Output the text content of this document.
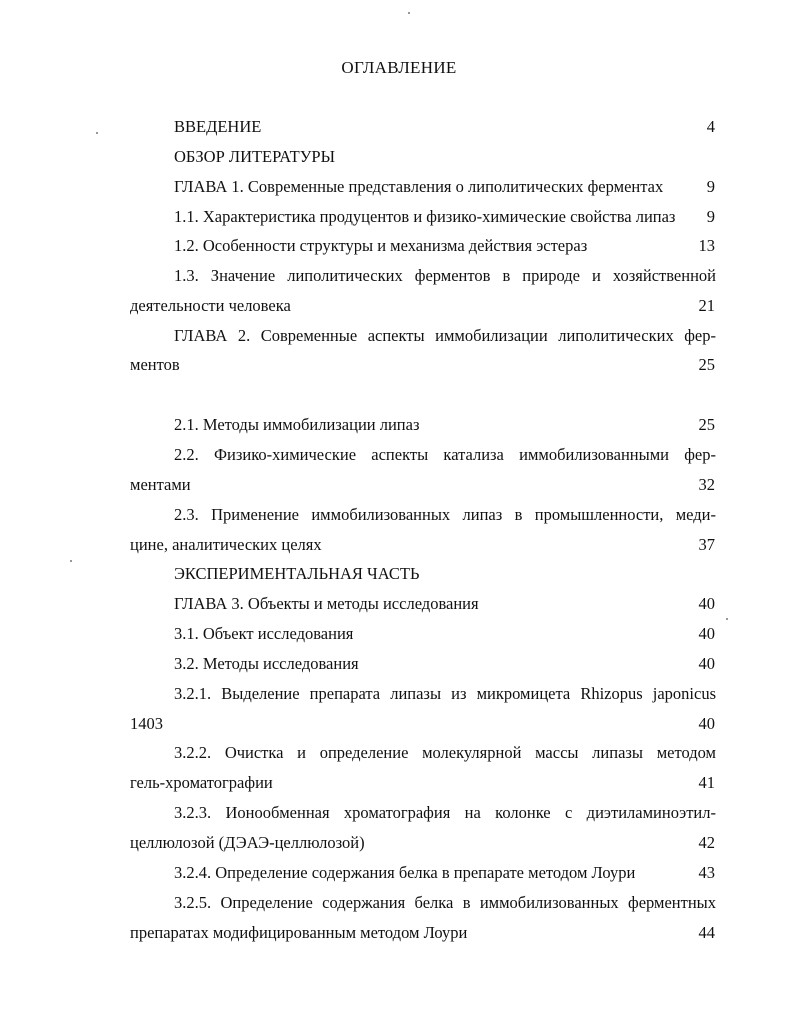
ОГЛАВЛЕНИЕ
ВВЕДЕНИЕ	4
ОБЗОР ЛИТЕРАТУРЫ
ГЛАВА 1. Современные представления о липолитических ферментах	9
1.1. Характеристика продуцентов и физико-химические свойства липаз	9
1.2. Особенности структуры и механизма действия эстераз	13
1.3. Значение липолитических ферментов в природе и хозяйственной
деятельности человека	21
ГЛАВА 2. Современные аспекты иммобилизации липолитических фер-
ментов	25
2.1. Методы иммобилизации липаз	25
2.2. Физико-химические аспекты катализа иммобилизованными фер-
ментами	32
2.3. Применение иммобилизованных липаз в промышленности, меди-
цине, аналитических целях	37
ЭКСПЕРИМЕНТАЛЬНАЯ ЧАСТЬ
ГЛАВА 3. Объекты и методы исследования	40
3.1. Объект исследования	40
3.2. Методы исследования	40
3.2.1. Выделение препарата липазы из микромицета Rhizopus japonicus
1403	40
3.2.2. Очистка и определение молекулярной массы липазы методом
гель-хроматографии	41
3.2.3. Ионообменная хроматография на колонке с диэтиламиноэтил-
целлюлозой (ДЭАЭ-целлюлозой)	42
3.2.4. Определение содержания белка в препарате методом Лоури	43
3.2.5. Определение содержания белка в иммобилизованных ферментных
препаратах модифицированным методом Лоури	44
